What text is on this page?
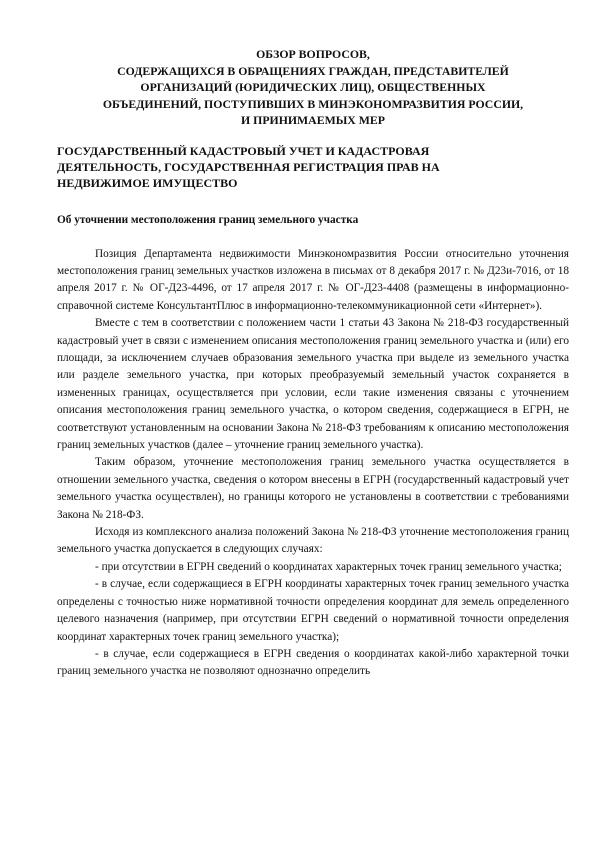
ОБЗОР ВОПРОСОВ,
СОДЕРЖАЩИХСЯ В ОБРАЩЕНИЯХ ГРАЖДАН, ПРЕДСТАВИТЕЛЕЙ
ОРГАНИЗАЦИЙ (ЮРИДИЧЕСКИХ ЛИЦ), ОБЩЕСТВЕННЫХ
ОБЪЕДИНЕНИЙ, ПОСТУПИВШИХ В МИНЭКОНОМРАЗВИТИЯ РОССИИ,
И ПРИНИМАЕМЫХ МЕР
ГОСУДАРСТВЕННЫЙ КАДАСТРОВЫЙ УЧЕТ И КАДАСТРОВАЯ
ДЕЯТЕЛЬНОСТЬ, ГОСУДАРСТВЕННАЯ РЕГИСТРАЦИЯ ПРАВ НА
НЕДВИЖИМОЕ ИМУЩЕСТВО
Об уточнении местоположения границ земельного участка

Позиция Департамента недвижимости Минэкономразвития России относительно уточнения местоположения границ земельных участков изложена в письмах от 8 декабря 2017 г. № Д23и-7016, от 18 апреля 2017 г. № ОГ-Д23-4496, от 17 апреля 2017 г. № ОГ-Д23-4408 (размещены в информационно-справочной системе КонсультантПлюс в информационно-телекоммуникационной сети «Интернет»).

Вместе с тем в соответствии с положением части 1 статьи 43 Закона № 218-ФЗ государственный кадастровый учет в связи с изменением описания местоположения границ земельного участка и (или) его площади, за исключением случаев образования земельного участка при выделе из земельного участка или разделе земельного участка, при которых преобразуемый земельный участок сохраняется в измененных границах, осуществляется при условии, если такие изменения связаны с уточнением описания местоположения границ земельного участка, о котором сведения, содержащиеся в ЕГРН, не соответствуют установленным на основании Закона № 218-ФЗ требованиям к описанию местоположения границ земельных участков (далее – уточнение границ земельного участка).

Таким образом, уточнение местоположения границ земельного участка осуществляется в отношении земельного участка, сведения о котором внесены в ЕГРН (государственный кадастровый учет земельного участка осуществлен), но границы которого не установлены в соответствии с требованиями Закона № 218-ФЗ.

Исходя из комплексного анализа положений Закона № 218-ФЗ уточнение местоположения границ земельного участка допускается в следующих случаях:

- при отсутствии в ЕГРН сведений о координатах характерных точек границ земельного участка;

- в случае, если содержащиеся в ЕГРН координаты характерных точек границ земельного участка определены с точностью ниже нормативной точности определения координат для земель определенного целевого назначения (например, при отсутствии ЕГРН сведений о нормативной точности определения координат характерных точек границ земельного участка);

- в случае, если содержащиеся в ЕГРН сведения о координатах какой-либо характерной точки границ земельного участка не позволяют однозначно определить
